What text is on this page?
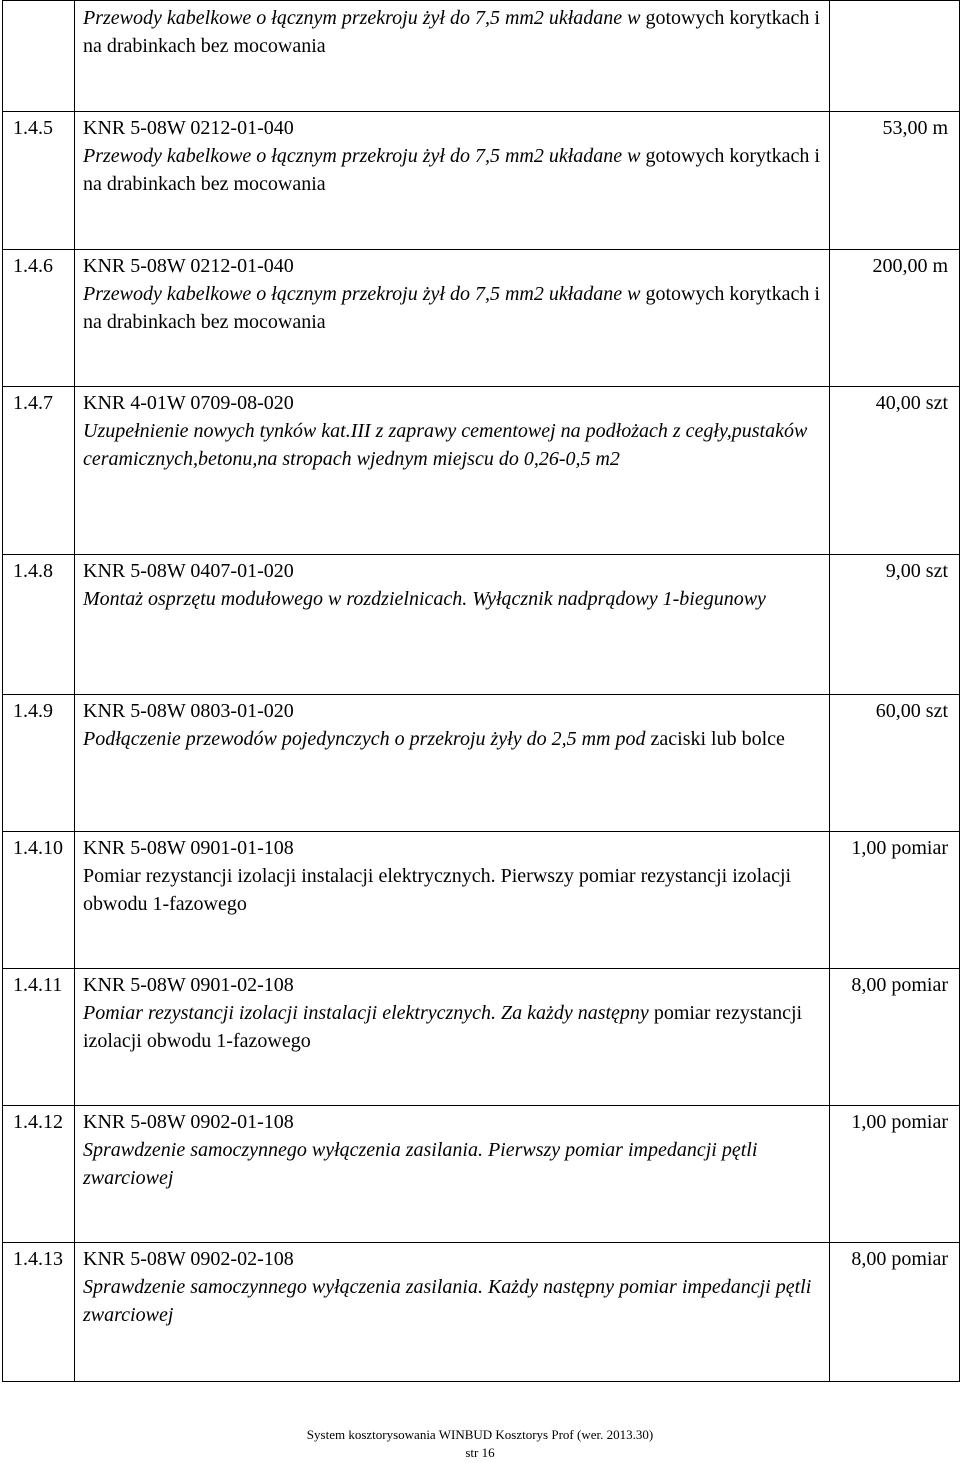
Przewody kabelkowe o łącznym przekroju żył do 7,5 mm2 układane w gotowych korytkach i na drabinkach bez mocowania	

1.4.5	KNR 5-08W 0212-01-040
Przewody kabelkowe o łącznym przekroju żył do 7,5 mm2 układane w gotowych korytkach i na drabinkach bez mocowania	53,00 m

1.4.6	KNR 5-08W 0212-01-040
Przewody kabelkowe o łącznym przekroju żył do 7,5 mm2 układane w gotowych korytkach i na drabinkach bez mocowania	200,00 m

1.4.7	KNR 4-01W 0709-08-020
Uzupełnienie nowych tynków kat.III z zaprawy cementowej na podłożach z cegły,pustaków ceramicznych,betonu,na stropach wjednym miejscu do 0,26-0,5 m2	40,00 szt

1.4.8	KNR 5-08W 0407-01-020
Montaż osprzętu modułowego w rozdzielnicach. Wyłącznik nadprądowy 1-biegunowy	9,00 szt

1.4.9	KNR 5-08W 0803-01-020
Podłączenie przewodów pojedynczych o przekroju żyły do 2,5 mm pod zaciski lub bolce	60,00 szt

1.4.10	KNR 5-08W 0901-01-108
Pomiar rezystancji izolacji instalacji elektrycznych. Pierwszy pomiar rezystancji izolacji obwodu 1-fazowego	1,00 pomiar

1.4.11	KNR 5-08W 0901-02-108
Pomiar rezystancji izolacji instalacji elektrycznych. Za każdy następny pomiar rezystancji izolacji obwodu 1-fazowego	8,00 pomiar

1.4.12	KNR 5-08W 0902-01-108
Sprawdzenie samoczynnego wyłączenia zasilania. Pierwszy pomiar impedancji pętli zwarciowej	1,00 pomiar

1.4.13	KNR 5-08W 0902-02-108
Sprawdzenie samoczynnego wyłączenia zasilania. Każdy następny pomiar impedancji pętli zwarciowej	8,00 pomiar
System kosztorysowania WINBUD Kosztorys Prof (wer. 2013.30)
str 16
